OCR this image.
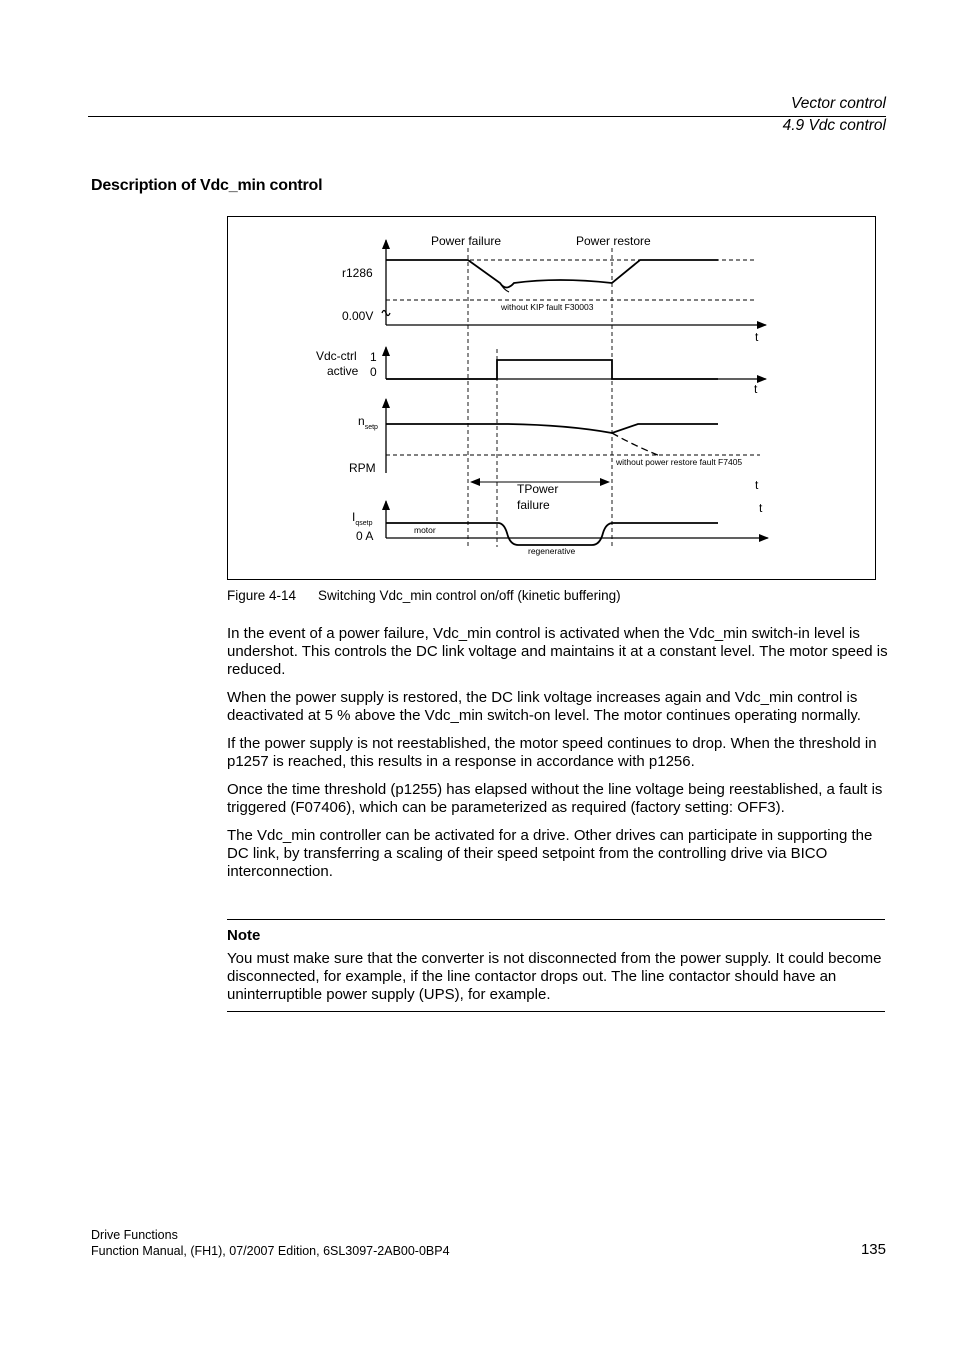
Vector control
4.9 Vdc control
Description of Vdc_min control
Power failure	Power restore
r1286
0.00V
without KIP fault F30003
t
Vdc-ctrl
active
1
0
t
$n_{setp}$
RPM	without power restore fault F7405
TPower
failure
t
$I_{qsetp}$
0 A	motor
regenerative
t
Figure 4-14 Switching Vdc_min control on/off (kinetic buffering)

In the event of a power failure, Vdc_min control is activated when the Vdc_min switch-in level is undershot. This controls the DC link voltage and maintains it at a constant level. The motor speed is reduced.

When the power supply is restored, the DC link voltage increases again and Vdc_min control is deactivated at 5 % above the Vdc_min switch-on level. The motor continues operating normally.

If the power supply is not reestablished, the motor speed continues to drop. When the threshold in p1257 is reached, this results in a response in accordance with p1256.

Once the time threshold (p1255) has elapsed without the line voltage being reestablished, a fault is triggered (F07406), which can be parameterized as required (factory setting: OFF3).

The Vdc_min controller can be activated for a drive. Other drives can participate in supporting the DC link, by transferring a scaling of their speed setpoint from the controlling drive via BICO interconnection.

Note
You must make sure that the converter is not disconnected from the power supply. It could become disconnected, for example, if the line contactor drops out. The line contactor should have an uninterruptible power supply (UPS), for example.
Drive Functions
Function Manual, (FH1), 07/2007 Edition, 6SL3097-2AB00-0BP4	135
